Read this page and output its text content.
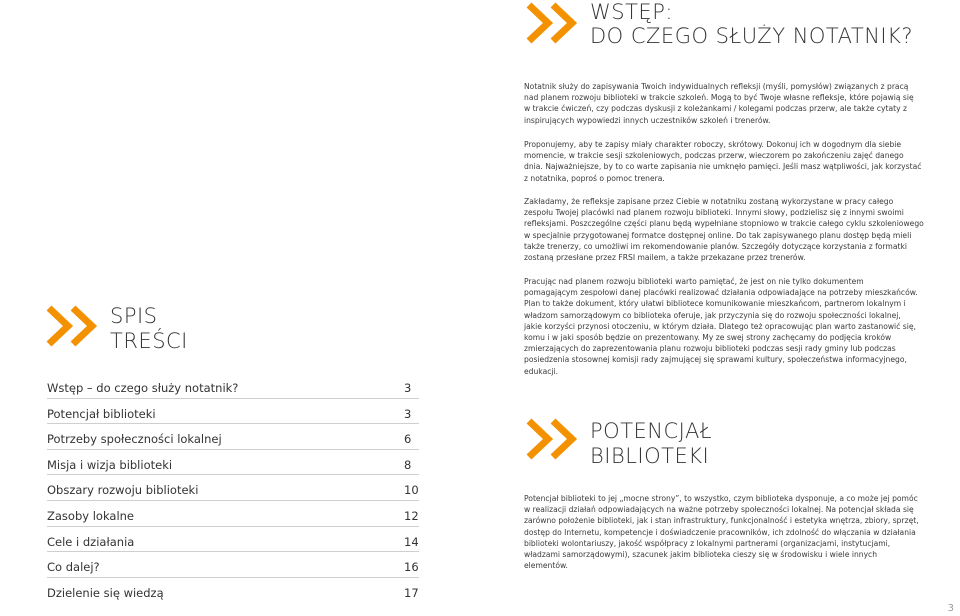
WSTĘP:
DO CZEGO SŁUŻY NOTATNIK?

Notatnik służy do zapisywania Twoich indywidualnych refleksji (myśli, pomysłów) związanych z pracą nad planem rozwoju biblioteki w trakcie szkoleń. Mogą to być Twoje własne refleksje, które pojawią się w trakcie ćwiczeń, czy podczas dyskusji z koleżankami / kolegami podczas przerw, ale także cytaty z inspirujących wypowiedzi innych uczestników szkoleń i trenerów.

Proponujemy, aby te zapisy miały charakter roboczy, skrótowy. Dokonuj ich w dogodnym dla siebie momencie, w trakcie sesji szkoleniowych, podczas przerw, wieczorem po zakończeniu zajęć danego dnia. Najważniejsze, by to co warte zapisania nie umknęło pamięci. Jeśli masz wątpliwości, jak korzystać z notatnika, poproś o pomoc trenera.

Zakładamy, że refleksje zapisane przez Ciebie w notatniku zostaną wykorzystane w pracy całego zespołu Twojej placówki nad planem rozwoju biblioteki. Innymi słowy, podzielisz się z innymi swoimi refleksjami. Poszczególne części planu będą wypełniane stopniowo w trakcie całego cyklu szkoleniowego w specjalnie przygotowanej formatce dostępnej online. Do tak zapisywanego planu dostęp będą mieli także trenerzy, co umożliwi im rekomendowanie planów. Szczegóły dotyczące korzystania z formatki zostaną przesłane przez FRSI mailem, a także przekazane przez trenerów.

Pracując nad planem rozwoju biblioteki warto pamiętać, że jest on nie tylko dokumentem pomagającym zespołowi danej placówki realizować działania odpowiadające na potrzeby mieszkańców. Plan to także dokument, który ułatwi bibliotece komunikowanie mieszkańcom, partnerom lokalnym i władzom samorządowym co biblioteka oferuje, jak przyczynia się do rozwoju społeczności lokalnej, jakie korzyści przynosi otoczeniu, w którym działa. Dlatego też opracowując plan warto zastanowić się, komu i w jaki sposób będzie on prezentowany. My ze swej strony zachęcamy do podjęcia kroków zmierzających do zaprezentowania planu rozwoju biblioteki podczas sesji rady gminy lub podczas posiedzenia stosownej komisji rady zajmującej się sprawami kultury, społeczeństwa informacyjnego, edukacji.

SPIS
TREŚCI
Wstęp – do czego służy notatnik?	3
Potencjał biblioteki	3
Potrzeby społeczności lokalnej	6
Misja i wizja biblioteki	8
Obszary rozwoju biblioteki	10
Zasoby lokalne	12
Cele i działania	14
Co dalej?	16
Dzielenie się wiedzą	17
POTENCJAŁ
BIBLIOTEKI

Potencjał biblioteki to jej „mocne strony”, to wszystko, czym biblioteka dysponuje, a co może jej pomóc w realizacji działań odpowiadających na ważne potrzeby społeczności lokalnej. Na potencjał składa się zarówno położenie biblioteki, jak i stan infrastruktury, funkcjonalność i estetyka wnętrza, zbiory, sprzęt, dostęp do Internetu, kompetencje i doświadczenie pracowników, ich zdolność do włączania w działania biblioteki wolontariuszy, jakość współpracy z lokalnymi partnerami (organizacjami, instytucjami, władzami samorządowymi), szacunek jakim biblioteka cieszy się w środowisku i wiele innych elementów.

3
